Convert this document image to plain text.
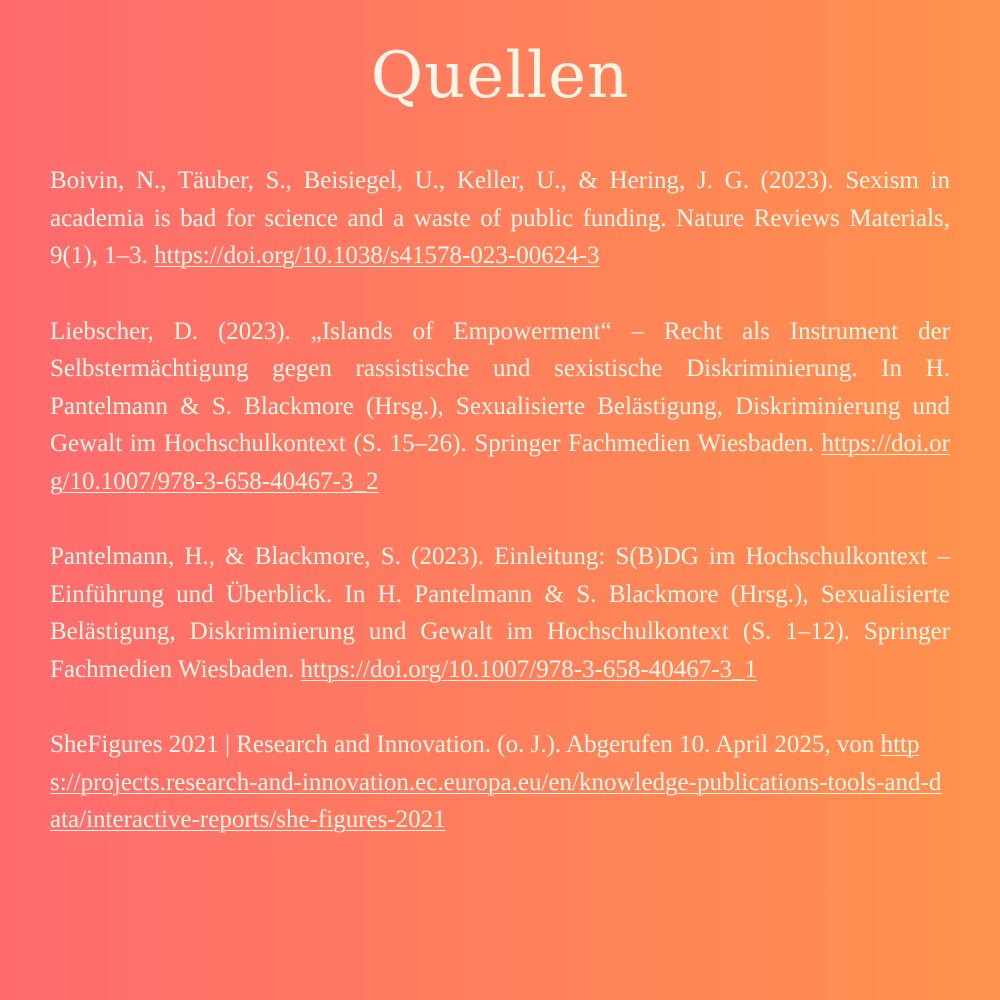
Quellen

Boivin, N., Täuber, S., Beisiegel, U., Keller, U., & Hering, J. G. (2023). Sexism in academia is bad for science and a waste of public funding. Nature Reviews Materials, 9(1), 1–3. https://doi.org/10.1038/s41578-023-00624-3

Liebscher, D. (2023). „Islands of Empowerment“ – Recht als Instrument der Selbstermächtigung gegen rassistische und sexistische Diskriminierung. In H. Pantelmann & S. Blackmore (Hrsg.), Sexualisierte Belästigung, Diskriminierung und Gewalt im Hochschulkontext (S. 15–26). Springer Fachmedien Wiesbaden. https://doi.org/10.1007/978-3-658-40467-3_2

Pantelmann, H., & Blackmore, S. (2023). Einleitung: S(B)DG im Hochschulkontext – Einführung und Überblick. In H. Pantelmann & S. Blackmore (Hrsg.), Sexualisierte Belästigung, Diskriminierung und Gewalt im Hochschulkontext (S. 1–12). Springer Fachmedien Wiesbaden. https://doi.org/10.1007/978-3-658-40467-3_1

SheFigures 2021 | Research and Innovation. (o. J.). Abgerufen 10. April 2025, von https://projects.research-and-innovation.ec.europa.eu/en/knowledge-publications-tools-and-data/interactive-reports/she-figures-2021
